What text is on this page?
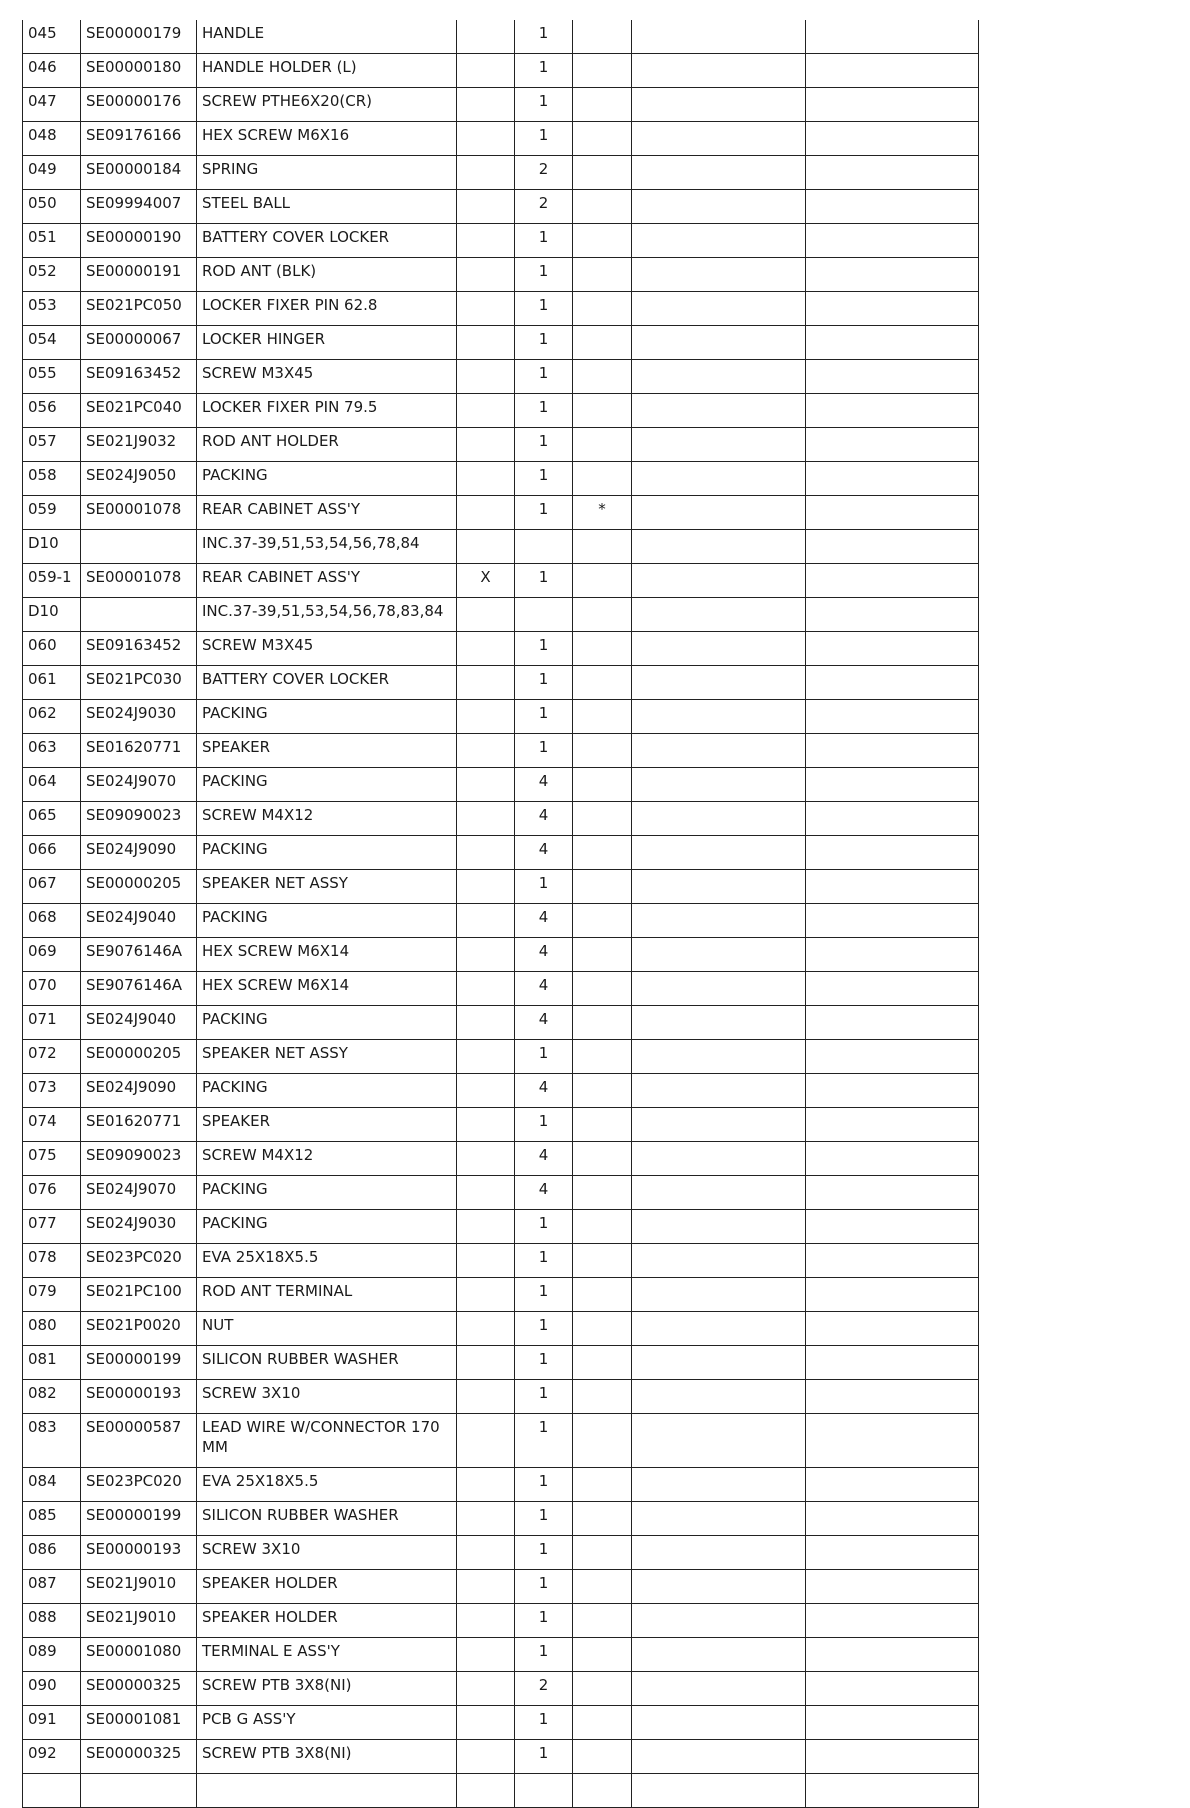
045	SE00000179	HANDLE		1			
046	SE00000180	HANDLE HOLDER (L)		1			
047	SE00000176	SCREW PTHE6X20(CR)		1			
048	SE09176166	HEX SCREW M6X16		1			
049	SE00000184	SPRING		2			
050	SE09994007	STEEL BALL		2			
051	SE00000190	BATTERY COVER LOCKER		1			
052	SE00000191	ROD ANT (BLK)		1			
053	SE021PC050	LOCKER FIXER PIN 62.8		1			
054	SE00000067	LOCKER HINGER		1			
055	SE09163452	SCREW M3X45		1			
056	SE021PC040	LOCKER FIXER PIN 79.5		1			
057	SE021J9032	ROD ANT HOLDER		1			
058	SE024J9050	PACKING		1			
059	SE00001078	REAR CABINET ASS'Y		1	*		
D10		INC.37-39,51,53,54,56,78,84					
059-1	SE00001078	REAR CABINET ASS'Y	X	1			
D10		INC.37-39,51,53,54,56,78,83,84					
060	SE09163452	SCREW M3X45		1			
061	SE021PC030	BATTERY COVER LOCKER		1			
062	SE024J9030	PACKING		1			
063	SE01620771	SPEAKER		1			
064	SE024J9070	PACKING		4			
065	SE09090023	SCREW M4X12		4			
066	SE024J9090	PACKING		4			
067	SE00000205	SPEAKER NET ASSY		1			
068	SE024J9040	PACKING		4			
069	SE9076146A	HEX SCREW M6X14		4			
070	SE9076146A	HEX SCREW M6X14		4			
071	SE024J9040	PACKING		4			
072	SE00000205	SPEAKER NET ASSY		1			
073	SE024J9090	PACKING		4			
074	SE01620771	SPEAKER		1			
075	SE09090023	SCREW M4X12		4			
076	SE024J9070	PACKING		4			
077	SE024J9030	PACKING		1			
078	SE023PC020	EVA 25X18X5.5		1			
079	SE021PC100	ROD ANT TERMINAL		1			
080	SE021P0020	NUT		1			
081	SE00000199	SILICON RUBBER WASHER		1			
082	SE00000193	SCREW 3X10		1			
083	SE00000587	LEAD WIRE W/CONNECTOR 170 MM		1			
084	SE023PC020	EVA 25X18X5.5		1			
085	SE00000199	SILICON RUBBER WASHER		1			
086	SE00000193	SCREW 3X10		1			
087	SE021J9010	SPEAKER HOLDER		1			
088	SE021J9010	SPEAKER HOLDER		1			
089	SE00001080	TERMINAL E ASS'Y		1			
090	SE00000325	SCREW PTB 3X8(NI)		2			
091	SE00001081	PCB G ASS'Y		1			
092	SE00000325	SCREW PTB 3X8(NI)		1			
